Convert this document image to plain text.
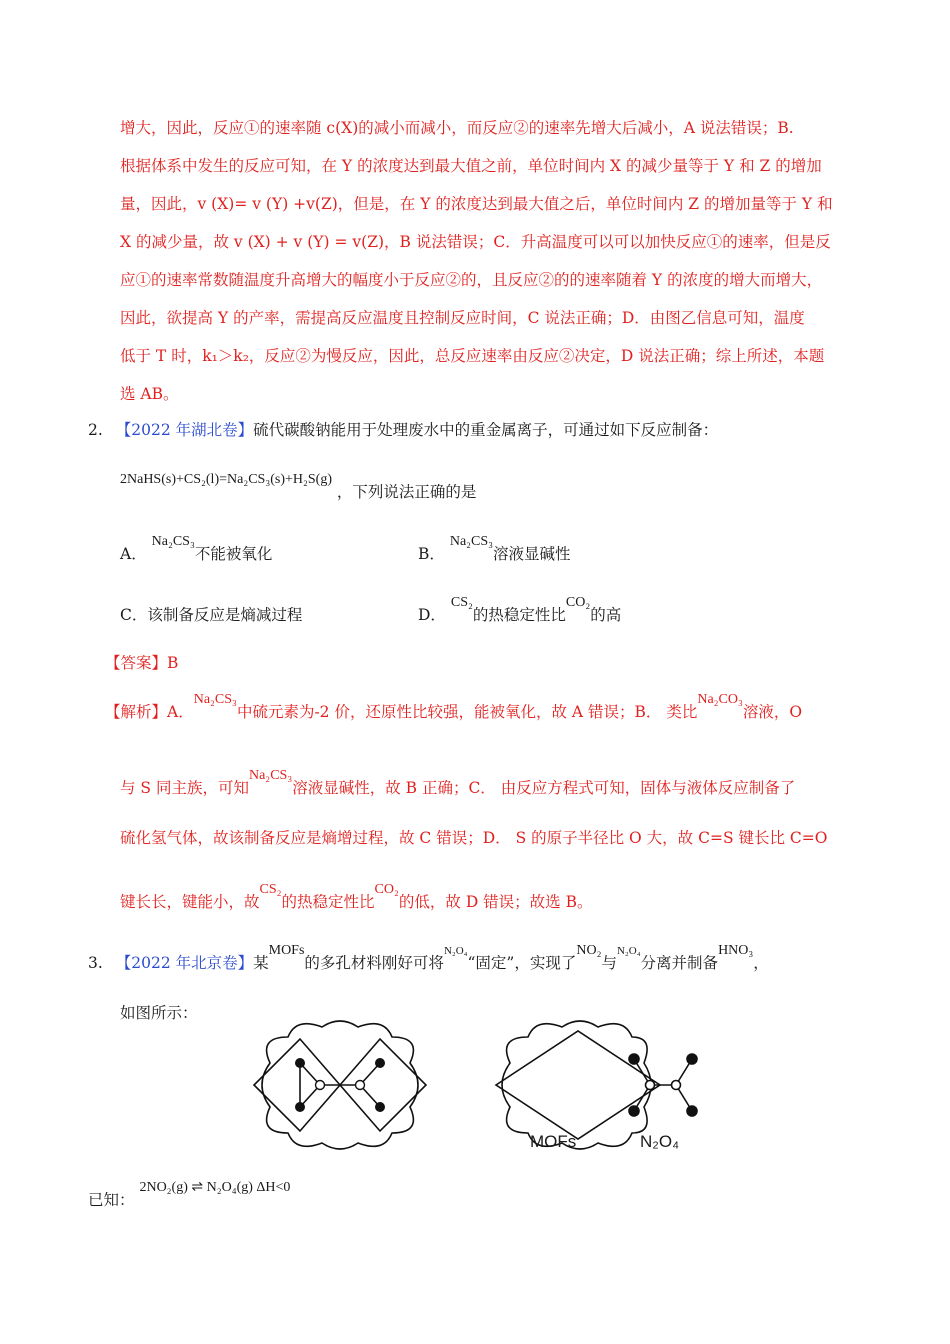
增大，因此，反应①的速率随 c(X)的减小而减小，而反应②的速率先增大后减小，A 说法错误；B.
根据体系中发生的反应可知，在 Y 的浓度达到最大值之前，单位时间内 X 的减少量等于 Y 和 Z 的增加
量，因此，v (X)= v (Y) +v(Z)，但是，在 Y 的浓度达到最大值之后，单位时间内 Z 的增加量等于 Y 和
X 的减少量，故 v (X) + v (Y) = v(Z)，B 说法错误；C．升高温度可以可以加快反应①的速率，但是反
应①的速率常数随温度升高增大的幅度小于反应②的，且反应②的的速率随着 Y 的浓度的增大而增大，
因此，欲提高 Y 的产率，需提高反应温度且控制反应时间，C 说法正确；D．由图乙信息可知，温度
低于 T 时，k₁＞k₂，反应②为慢反应，因此，总反应速率由反应②决定，D 说法正确；综上所述，本题
选 AB。
2. 【2022 年湖北卷】硫代碳酸钠能用于处理废水中的重金属离子，可通过如下反应制备：
2NaHS(s)+CS₂(l)=Na₂CS₃(s)+H₂S(g) ，下列说法正确的是
A． Na₂CS₃不能被氧化	B． Na₂CS₃溶液显碱性
C．该制备反应是熵减过程	D． CS₂的热稳定性比CO₂的高
【答案】B
【解析】A．Na₂CS₃中硫元素为-2 价，还原性比较强，能被氧化，故 A 错误；B． 类比Na₂CO₃溶液，O
与 S 同主族，可知Na₂CS₃溶液显碱性，故 B 正确；C． 由反应方程式可知，固体与液体反应制备了
硫化氢气体，故该制备反应是熵增过程，故 C 错误；D． S 的原子半径比 O 大，故 C=S 键长比 C=O
键长长，键能小，故CS₂的热稳定性比CO₂的低，故 D 错误；故选 B。
3. 【2022 年北京卷】某MOFs的多孔材料刚好可将$^{N_2O_4}$“固定”，实现了NO₂与$^{N_2O_4}$分离并制备HNO₃，
如图所示：
MOFs	N₂O₄
已知： 2NO₂(g) ⇌ N₂O₄(g) ΔH<0
